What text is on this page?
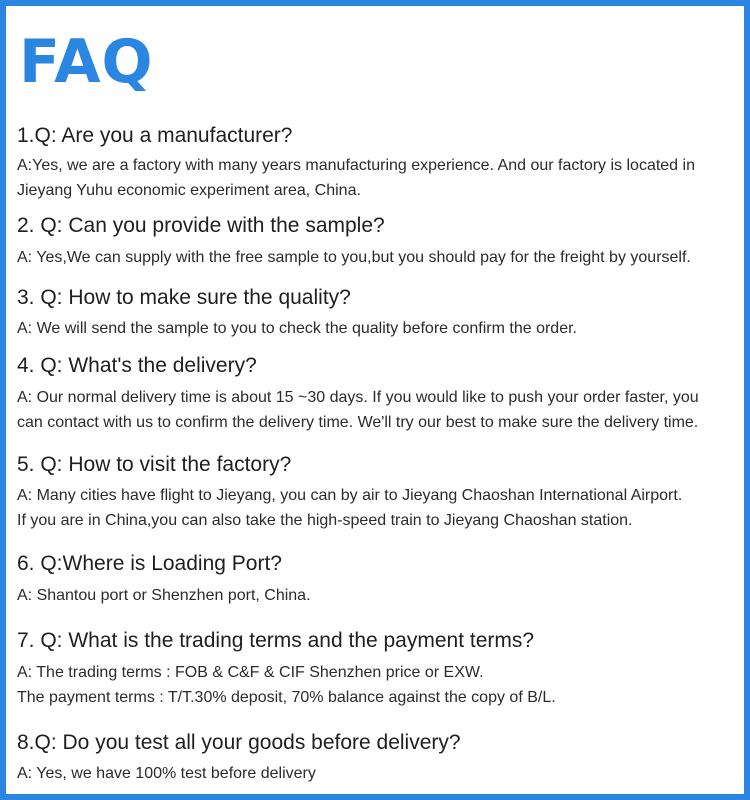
FAQ
1.Q: Are you a manufacturer?
A:Yes, we are a factory with many years manufacturing experience. And our factory is located in
Jieyang Yuhu economic experiment area, China.
2. Q: Can you provide with the sample?
A: Yes,We can supply with the free sample to you,but you should pay for the freight by yourself.
3. Q: How to make sure the quality?
A: We will send the sample to you to check the quality before confirm the order.
4. Q: What's the delivery?
A: Our normal delivery time is about 15 ~30 days. If you would like to push your order faster, you
can contact with us to confirm the delivery time. We'll try our best to make sure the delivery time.
5. Q: How to visit the factory?
A: Many cities have flight to Jieyang, you can by air to Jieyang Chaoshan International Airport.
If you are in China,you can also take the high-speed train to Jieyang Chaoshan station.
6. Q:Where is Loading Port?
A: Shantou port or Shenzhen port, China.
7. Q: What is the trading terms and the payment terms?
A: The trading terms : FOB & C&F & CIF Shenzhen price or EXW.
The payment terms : T/T.30% deposit, 70% balance against the copy of B/L.
8.Q: Do you test all your goods before delivery?
A: Yes, we have 100% test before delivery
